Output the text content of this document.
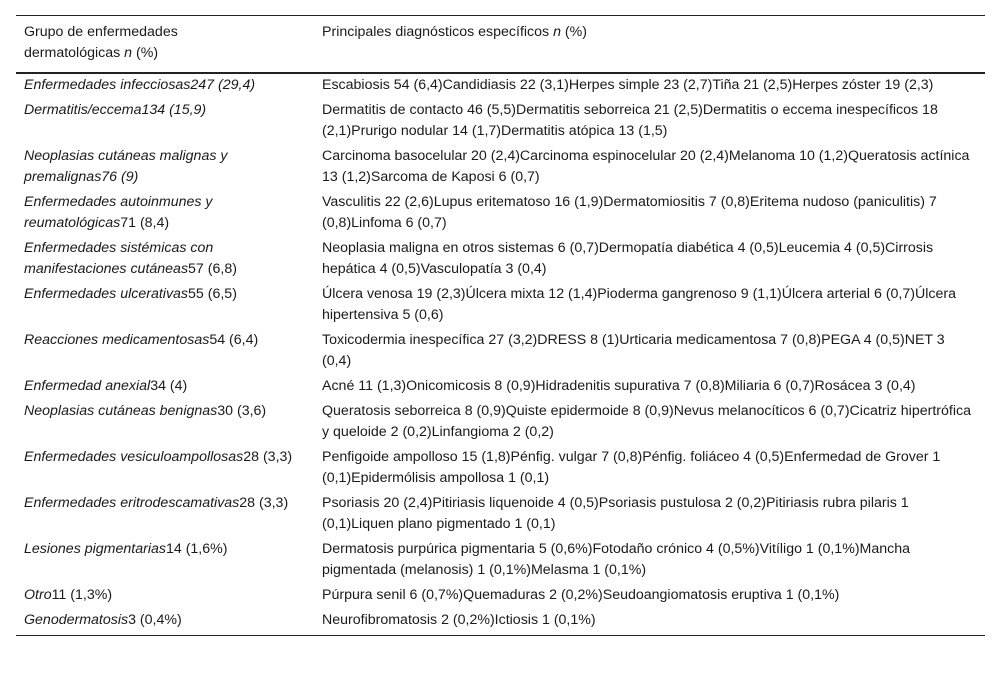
Grupo de enfermedades
dermatológicas n (%)	Principales diagnósticos específicos n (%)
Enfermedades infecciosas247 (29,4)	Escabiosis 54 (6,4)Candidiasis 22 (3,1)Herpes simple 23 (2,7)Tiña 21 (2,5)Herpes zóster 19 (2,3)
Dermatitis/eccema134 (15,9)	Dermatitis de contacto 46 (5,5)Dermatitis seborreica 21 (2,5)Dermatitis o eccema inespecíficos 18 (2,1)Prurigo nodular 14 (1,7)Dermatitis atópica 13 (1,5)
Neoplasias cutáneas malignas y premalignas76 (9)	Carcinoma basocelular 20 (2,4)Carcinoma espinocelular 20 (2,4)Melanoma 10 (1,2)Queratosis actínica 13 (1,2)Sarcoma de Kaposi 6 (0,7)
Enfermedades autoinmunes y reumatológicas71 (8,4)	Vasculitis 22 (2,6)Lupus eritematoso 16 (1,9)Dermatomiositis 7 (0,8)Eritema nudoso (paniculitis) 7 (0,8)Linfoma 6 (0,7)
Enfermedades sistémicas con manifestaciones cutáneas57 (6,8)	Neoplasia maligna en otros sistemas 6 (0,7)Dermopatía diabética 4 (0,5)Leucemia 4 (0,5)Cirrosis hepática 4 (0,5)Vasculopatía 3 (0,4)
Enfermedades ulcerativas55 (6,5)	Úlcera venosa 19 (2,3)Úlcera mixta 12 (1,4)Pioderma gangrenoso 9 (1,1)Úlcera arterial 6 (0,7)Úlcera hipertensiva 5 (0,6)
Reacciones medicamentosas54 (6,4)	Toxicodermia inespecífica 27 (3,2)DRESS 8 (1)Urticaria medicamentosa 7 (0,8)PEGA 4 (0,5)NET 3 (0,4)
Enfermedad anexial34 (4)	Acné 11 (1,3)Onicomicosis 8 (0,9)Hidradenitis supurativa 7 (0,8)Miliaria 6 (0,7)Rosácea 3 (0,4)
Neoplasias cutáneas benignas30 (3,6)	Queratosis seborreica 8 (0,9)Quiste epidermoide 8 (0,9)Nevus melanocíticos 6 (0,7)Cicatriz hipertrófica y queloide 2 (0,2)Linfangioma 2 (0,2)
Enfermedades vesiculoampollosas28 (3,3)	Penfigoide ampolloso 15 (1,8)Pénfig. vulgar 7 (0,8)Pénfig. foliáceo 4 (0,5)Enfermedad de Grover 1 (0,1)Epidermólisis ampollosa 1 (0,1)
Enfermedades eritrodescamativas28 (3,3)	Psoriasis 20 (2,4)Pitiriasis liquenoide 4 (0,5)Psoriasis pustulosa 2 (0,2)Pitiriasis rubra pilaris 1 (0,1)Liquen plano pigmentado 1 (0,1)
Lesiones pigmentarias14 (1,6%)	Dermatosis purpúrica pigmentaria 5 (0,6%)Fotodaño crónico 4 (0,5%)Vitíligo 1 (0,1%)Mancha pigmentada (melanosis) 1 (0,1%)Melasma 1 (0,1%)
Otro11 (1,3%)	Púrpura senil 6 (0,7%)Quemaduras 2 (0,2%)Seudoangiomatosis eruptiva 1 (0,1%)
Genodermatosis3 (0,4%)	Neurofibromatosis 2 (0,2%)Ictiosis 1 (0,1%)
